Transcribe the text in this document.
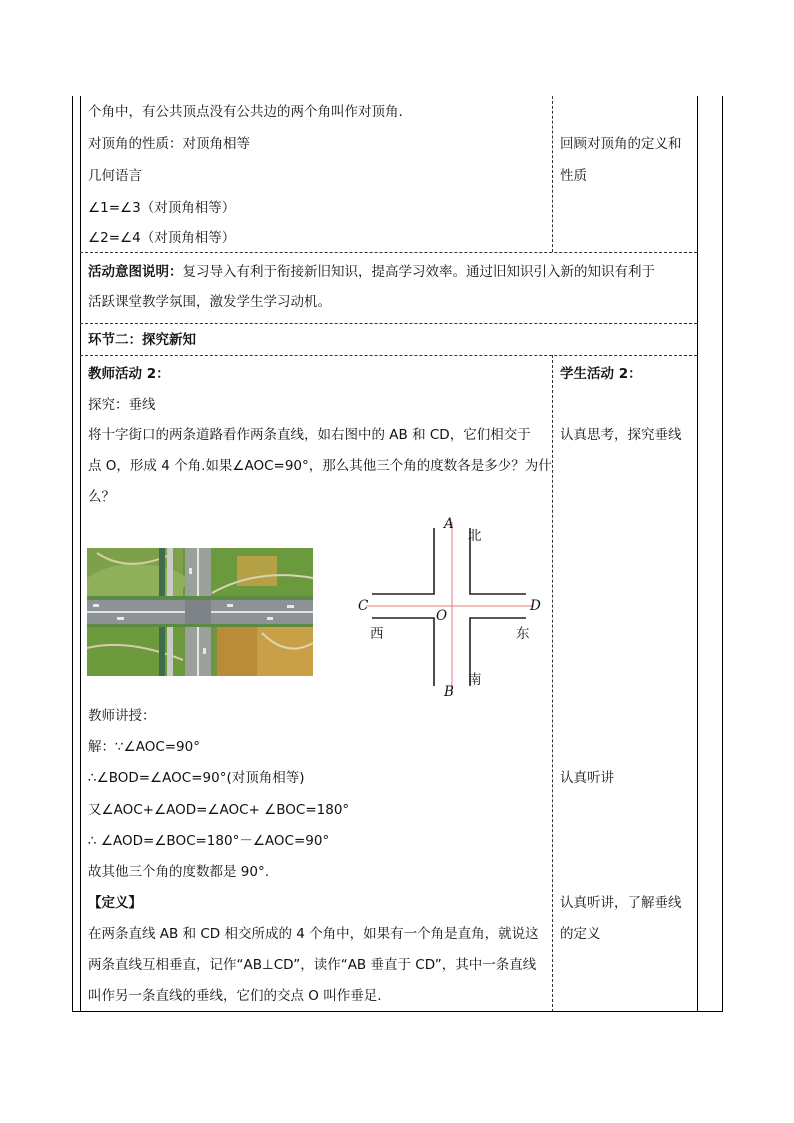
个角中，有公共顶点没有公共边的两个角叫作对顶角.
对顶角的性质：对顶角相等
几何语言
∠1=∠3（对顶角相等）
∠2=∠4（对顶角相等）
回顾对顶角的定义和
性质
活动意图说明：复习导入有利于衔接新旧知识，提高学习效率。通过旧知识引入新的知识有利于
活跃课堂教学氛围，激发学生学习动机。
环节二：探究新知
教师活动 2：
探究：垂线
将十字街口的两条道路看作两条直线，如右图中的 AB 和 CD，它们相交于
点 O，形成 4 个角.如果∠AOC=90°，那么其他三个角的度数各是多少？为什
么？
A
北
C
O
D
西	东
南
B
教师讲授：
解：∵∠AOC=90°
∴∠BOD=∠AOC=90°(对顶角相等)
又∠AOC+∠AOD=∠AOC+ ∠BOC=180°
∴ ∠AOD=∠BOC=180°－∠AOC=90°
故其他三个角的度数都是 90°.
【定义】
在两条直线 AB 和 CD 相交所成的 4 个角中，如果有一个角是直角，就说这
两条直线互相垂直，记作“AB⊥CD”，读作“AB 垂直于 CD”，其中一条直线
叫作另一条直线的垂线，它们的交点 O 叫作垂足.
学生活动 2：
认真思考，探究垂线
认真听讲
认真听讲，了解垂线
的定义
